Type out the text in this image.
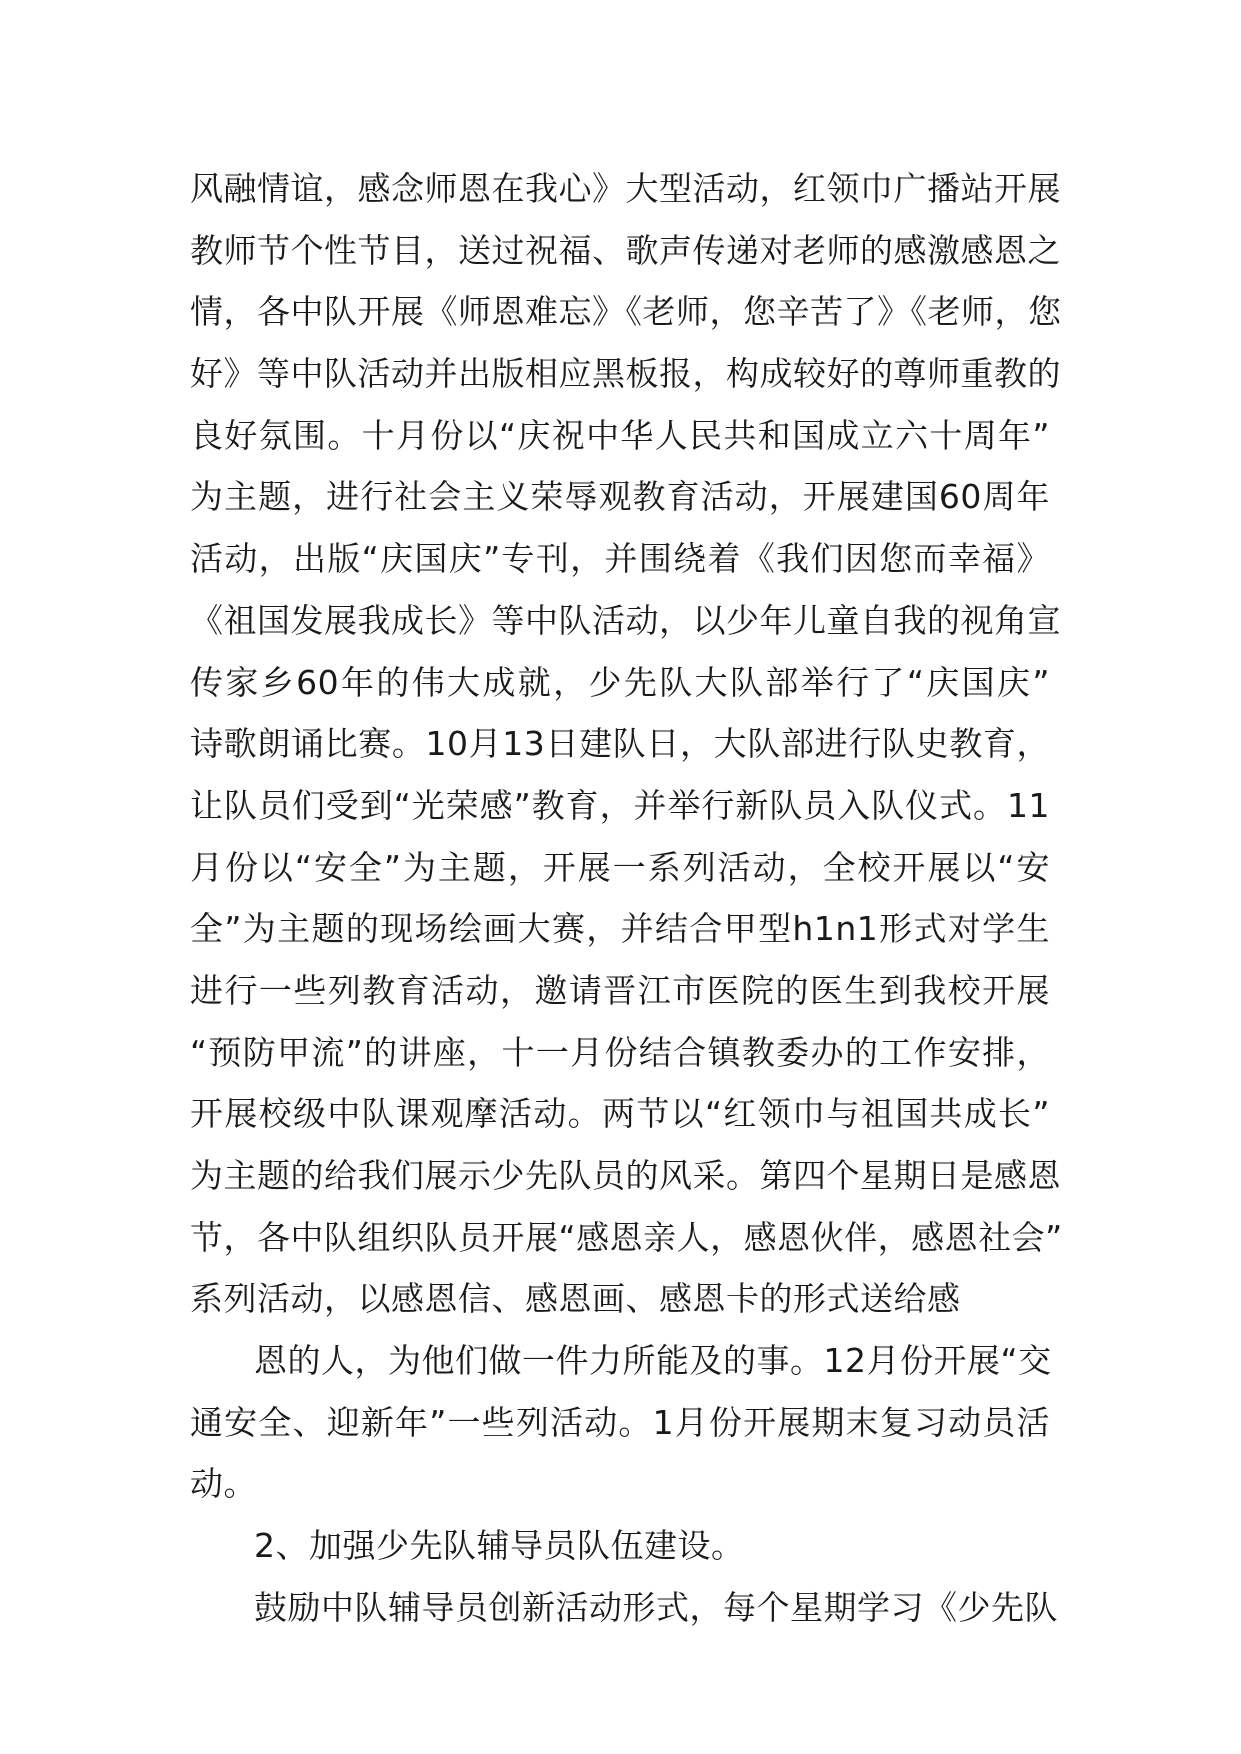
风融情谊，感念师恩在我心》大型活动，红领巾广播站开展
教师节个性节目，送过祝福、歌声传递对老师的感激感恩之
情，各中队开展《师恩难忘》《老师，您辛苦了》《老师，您
好》等中队活动并出版相应黑板报，构成较好的尊师重教的
良好氛围。十月份以“庆祝中华人民共和国成立六十周年”
为主题，进行社会主义荣辱观教育活动，开展建国60周年
活动，出版“庆国庆”专刊，并围绕着《我们因您而幸福》
《祖国发展我成长》等中队活动，以少年儿童自我的视角宣
传家乡60年的伟大成就，少先队大队部举行了“庆国庆”
诗歌朗诵比赛。10月13日建队日，大队部进行队史教育，
让队员们受到“光荣感”教育，并举行新队员入队仪式。11
月份以“安全”为主题，开展一系列活动，全校开展以“安
全”为主题的现场绘画大赛，并结合甲型h1n1形式对学生
进行一些列教育活动，邀请晋江市医院的医生到我校开展
“预防甲流”的讲座，十一月份结合镇教委办的工作安排，
开展校级中队课观摩活动。两节以“红领巾与祖国共成长”
为主题的给我们展示少先队员的风采。第四个星期日是感恩
节，各中队组织队员开展“感恩亲人，感恩伙伴，感恩社会”
系列活动，以感恩信、感恩画、感恩卡的形式送给感
恩的人，为他们做一件力所能及的事。12月份开展“交
通安全、迎新年”一些列活动。1月份开展期末复习动员活
动。
2、加强少先队辅导员队伍建设。
鼓励中队辅导员创新活动形式，每个星期学习《少先队
